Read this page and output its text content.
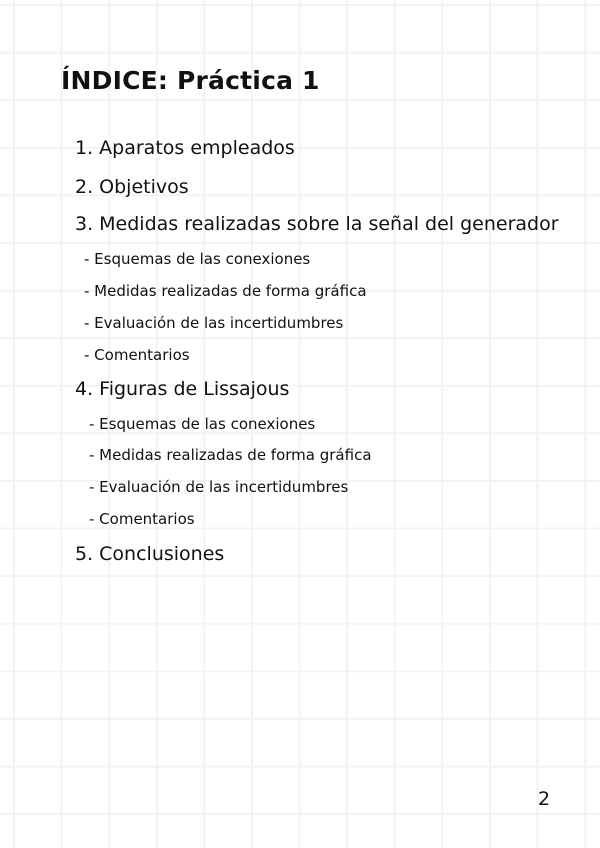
ÍNDICE: Práctica 1
1. Aparatos empleados
2. Objetivos
3. Medidas realizadas sobre la señal del generador
- Esquemas de las conexiones
- Medidas realizadas de forma gráfica
- Evaluación de las incertidumbres
- Comentarios
4. Figuras de Lissajous
- Esquemas de las conexiones
- Medidas realizadas de forma gráfica
- Evaluación de las incertidumbres
- Comentarios
5. Conclusiones
2
